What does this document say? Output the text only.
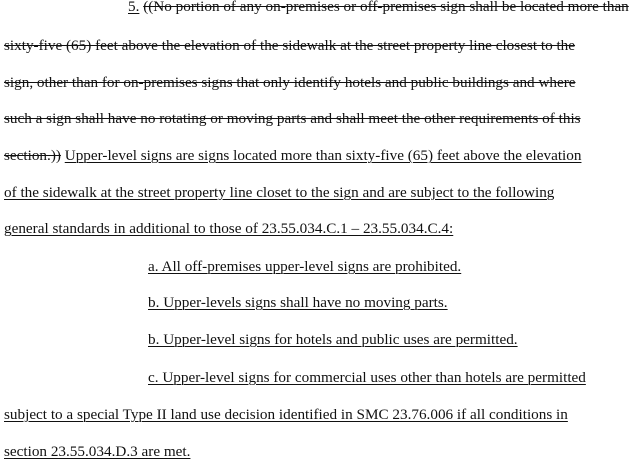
5. ((No portion of any on-premises or off-premises sign shall be located more than
sixty-five (65) feet above the elevation of the sidewalk at the street property line closest to the
sign, other than for on-premises signs that only identify hotels and public buildings and where
such a sign shall have no rotating or moving parts and shall meet the other requirements of this
section.)) Upper-level signs are signs located more than sixty-five (65) feet above the elevation
of the sidewalk at the street property line closet to the sign and are subject to the following
general standards in additional to those of 23.55.034.C.1 – 23.55.034.C.4:
a. All off-premises upper-level signs are prohibited.
b. Upper-levels signs shall have no moving parts.
b. Upper-level signs for hotels and public uses are permitted.
c. Upper-level signs for commercial uses other than hotels are permitted
subject to a special Type II land use decision identified in SMC 23.76.006 if all conditions in
section 23.55.034.D.3 are met.
